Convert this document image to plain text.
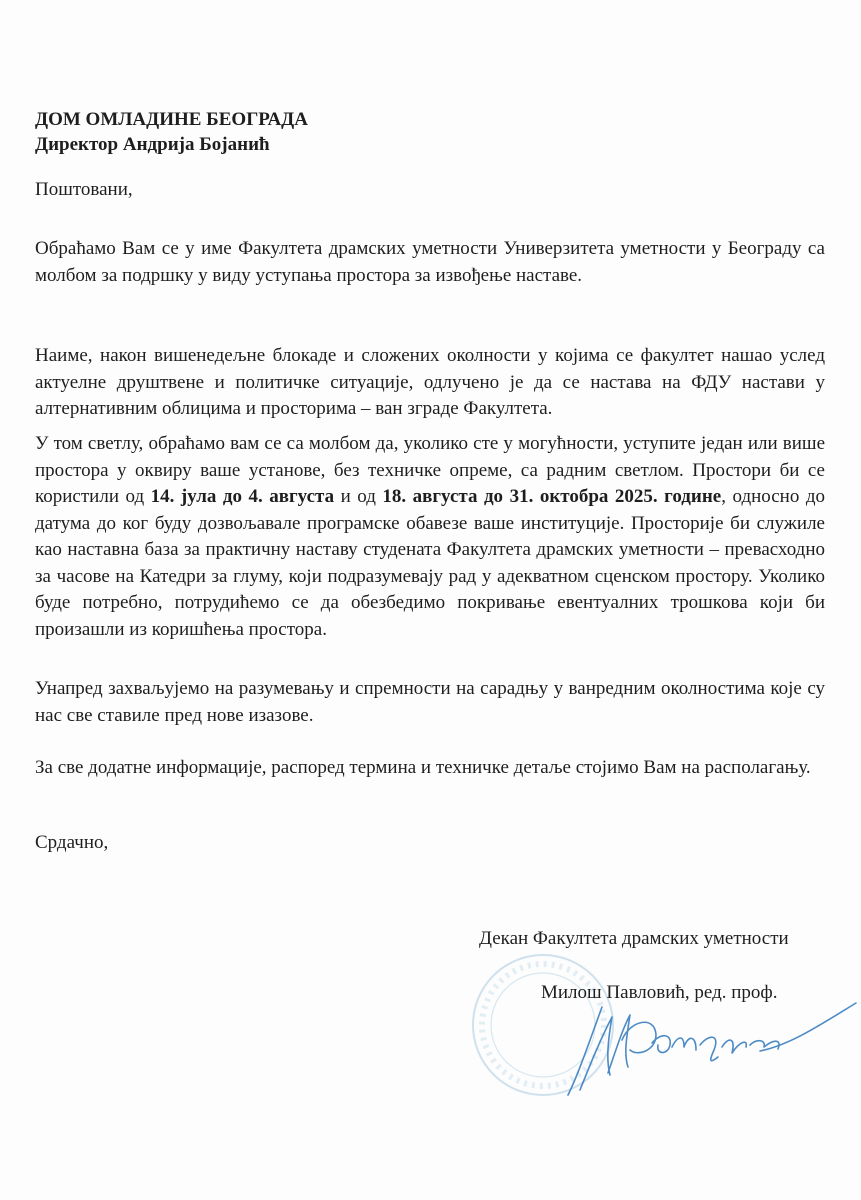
ДОМ ОМЛАДИНЕ БЕОГРАДА
Директор Андрија Бојанић
Поштовани,

Обраћамо Вам се у име Факултета драмских уметности Универзитета уметности у Београду са молбом за подршку у виду уступања простора за извођење наставе.

Наиме, након вишенедељне блокаде и сложених околности у којима се факултет нашао услед актуелне друштвене и политичке ситуације, одлучено је да се настава на ФДУ настави у алтернативним облицима и просторима – ван зграде Факултета.

У том светлу, обраћамо вам се са молбом да, уколико сте у могућности, уступите један или више простора у оквиру ваше установе, без техничке опреме, са радним светлом. Простори би се користили од 14. јула до 4. августа и од 18. августа до 31. октобра 2025. године, односно до датума до ког буду дозвољавале програмске обавезе ваше институције. Просторије би служиле као наставна база за практичну наставу студената Факултета драмских уметности – превасходно за часове на Катедри за глуму, који подразумевају рад у адекватном сценском простору. Уколико буде потребно, потрудићемо се да обезбедимо покривање евентуалних трошкова који би произашли из коришћења простора.

Унапред захваљујемо на разумевању и спремности на сарадњу у ванредним околностима које су нас све ставиле пред нове изазове.

За све додатне информације, распоред термина и техничке детаље стојимо Вам на располагању.

Срдачно,
Декан Факултета драмских уметности
Милош Павловић, ред. проф.
